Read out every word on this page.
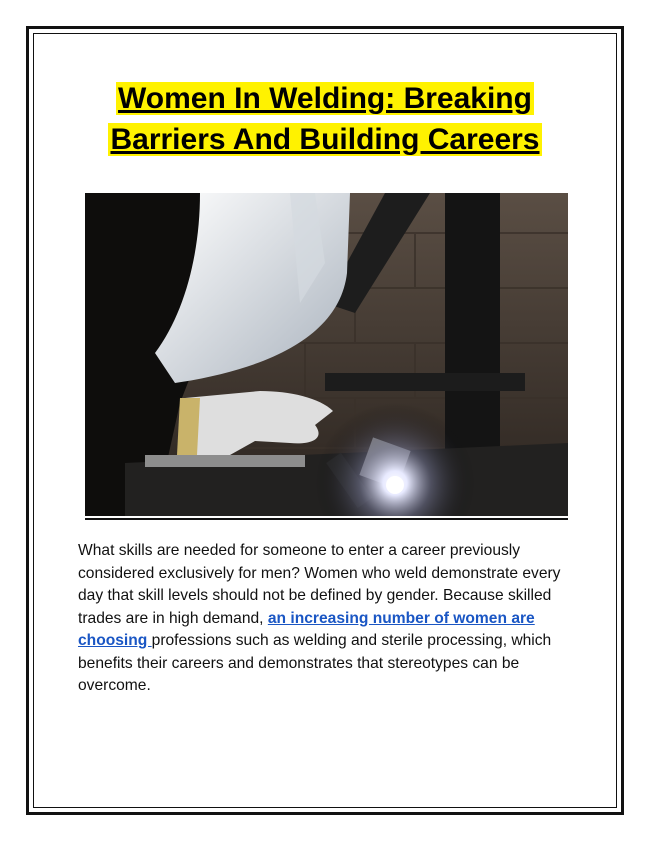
Women In Welding: Breaking
Barriers And Building Careers

What skills are needed for someone to enter a career previously considered exclusively for men? Women who weld demonstrate every day that skill levels should not be defined by gender. Because skilled trades are in high demand, an increasing number of women are choosing professions such as welding and sterile processing, which benefits their careers and demonstrates that stereotypes can be overcome.
